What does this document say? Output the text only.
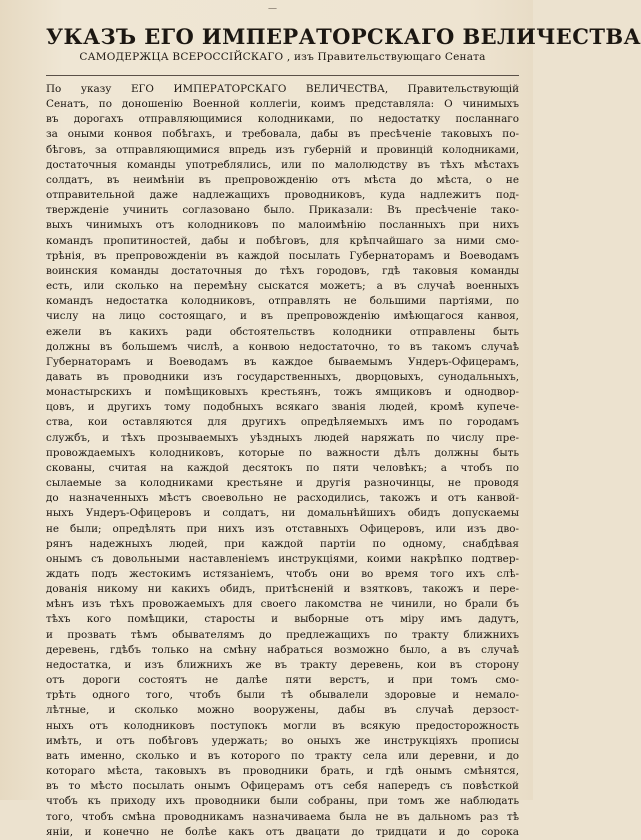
—
УКАЗЪ ЕГО ИМПЕРАТОРСКАГО ВЕЛИЧЕСТВА
САМОДЕРЖЦА ВСЕРОССІЙСКАГО , изъ Правительствующаго Сената
По указу ЕГО ИМПЕРАТОРСКАГО ВЕЛИЧЕСТВА, Правительствующій
Сенатъ, по доношенію Военной коллегіи, коимъ представляла: О чинимыхъ
въ дорогахъ отправляющимися колодниками, по недостатку посланнаго
за оными конвоя побѣгахъ, и требовала, дабы въ пресѣченіе таковыхъ по-
бѣговъ, за отправляющимися впредь изъ губерній и провинцій колодниками,
достаточныя команды употреблялись, или по малолюдству въ тѣхъ мѣстахъ
солдатъ, въ неимѣніи въ препровожденію отъ мѣста до мѣста, о не
отправительной даже надлежащихъ проводниковъ, куда надлежитъ под-
твержденіе учинить соглазовано было. Приказали: Въ пресѣченіе тако-
выхъ чинимыхъ отъ колодниковъ по малоимѣнію посланныхъ при нихъ
командъ пропитиностей, дабы и побѣговъ, для крѣпчайшаго за ними смо-
трѣнія, въ препровожденіи въ каждой посылать Губернаторамъ и Воеводамъ
воинския команды достаточныя до тѣхъ городовъ, гдѣ таковыя команды
есть, или сколько на перемѣну сыскатся можетъ; а въ случаѣ военныхъ
командъ недостатка колодниковъ, отправлять не большими партіями, по
числу на лицо состоящаго, и въ препровожденію имѣющагося канвоя,
ежели въ какихъ ради обстоятельствъ колодники отправлены быть
должны въ большемъ числѣ, а конвою недостаточно, то въ такомъ случаѣ
Губернаторамъ и Воеводамъ въ каждое бываемымъ Ундеръ-Офицерамъ,
давать въ проводники изъ государственныхъ, дворцовыхъ, сунодальныхъ,
монастырскихъ и помѣщиковыхъ крестьянъ, тожъ ямщиковъ и однодвор-
цовъ, и другихъ тому подобныхъ всякаго званія людей, кромѣ купече-
ства, кои оставляются для другихъ опредѣляемыхъ имъ по городамъ
службъ, и тѣхъ прозываемыхъ уѣздныхъ людей наряжать по числу пре-
провождаемыхъ колодниковъ, которые по важности дѣлъ должны быть
скованы, считая на каждой десятокъ по пяти человѣкъ; а чтобъ по
сылаемые за колодниками крестьяне и другія разночинцы, не проводя
до назначенныхъ мѣстъ своевольно не расходились, такожъ и отъ канвой-
ныхъ Ундеръ-Офицеровъ и солдатъ, ни домальнѣйшихъ обидъ допускаемы
не были; опредѣлять при нихъ изъ отставныхъ Офицеровъ, или изъ дво-
рянъ надежныхъ людей, при каждой партіи по одному, снабдѣвая
онымъ съ довольными наставленіемъ инструкціями, коими накрѣпко подтвер-
ждать подъ жестокимъ истязаніемъ, чтобъ они во время того ихъ слѣ-
дованія никому ни какихъ обидъ, притѣсненій и взятковъ, такожъ и пере-
мѣнъ изъ тѣхъ провожаемыхъ для своего лакомства не чинили, но брали бъ
тѣхъ кого помѣщики, старосты и выборные отъ міру имъ дадутъ,
и прозвать тѣмъ обывателямъ до предлежащихъ по тракту ближнихъ
деревень, гдѣбъ только на смѣну набраться возможно было, а въ случаѣ
недостатка, и изъ ближнихъ же въ тракту деревень, кои въ сторону
отъ дороги состоятъ не далѣе пяти верстъ, и при томъ смо-
трѣть одного того, чтобъ были тѣ обывалели здоровые и немало-
лѣтные, и сколько можно вооружены, дабы въ случаѣ дерзост-
ныхъ отъ колодниковъ поступокъ могли въ всякую предосторожность
имѣть, и отъ побѣговъ удержать; во оныхъ же инструкціяхъ прописы
вать именно, сколько и въ которого по тракту села или деревни, и до
котораго мѣста, таковыхъ въ проводники брать, и гдѣ онымъ смѣнятся,
въ то мѣсто посылать онымъ Офицерамъ отъ себя напередъ съ повѣсткой
чтобъ къ приходу ихъ проводники были собраны, при томъ же наблюдать
того, чтобъ смѣна проводникамъ назначиваема была не въ дальномъ раз тѣ
яніи, и конечно не болѣе какъ отъ двацати до тридцати и до сорока
